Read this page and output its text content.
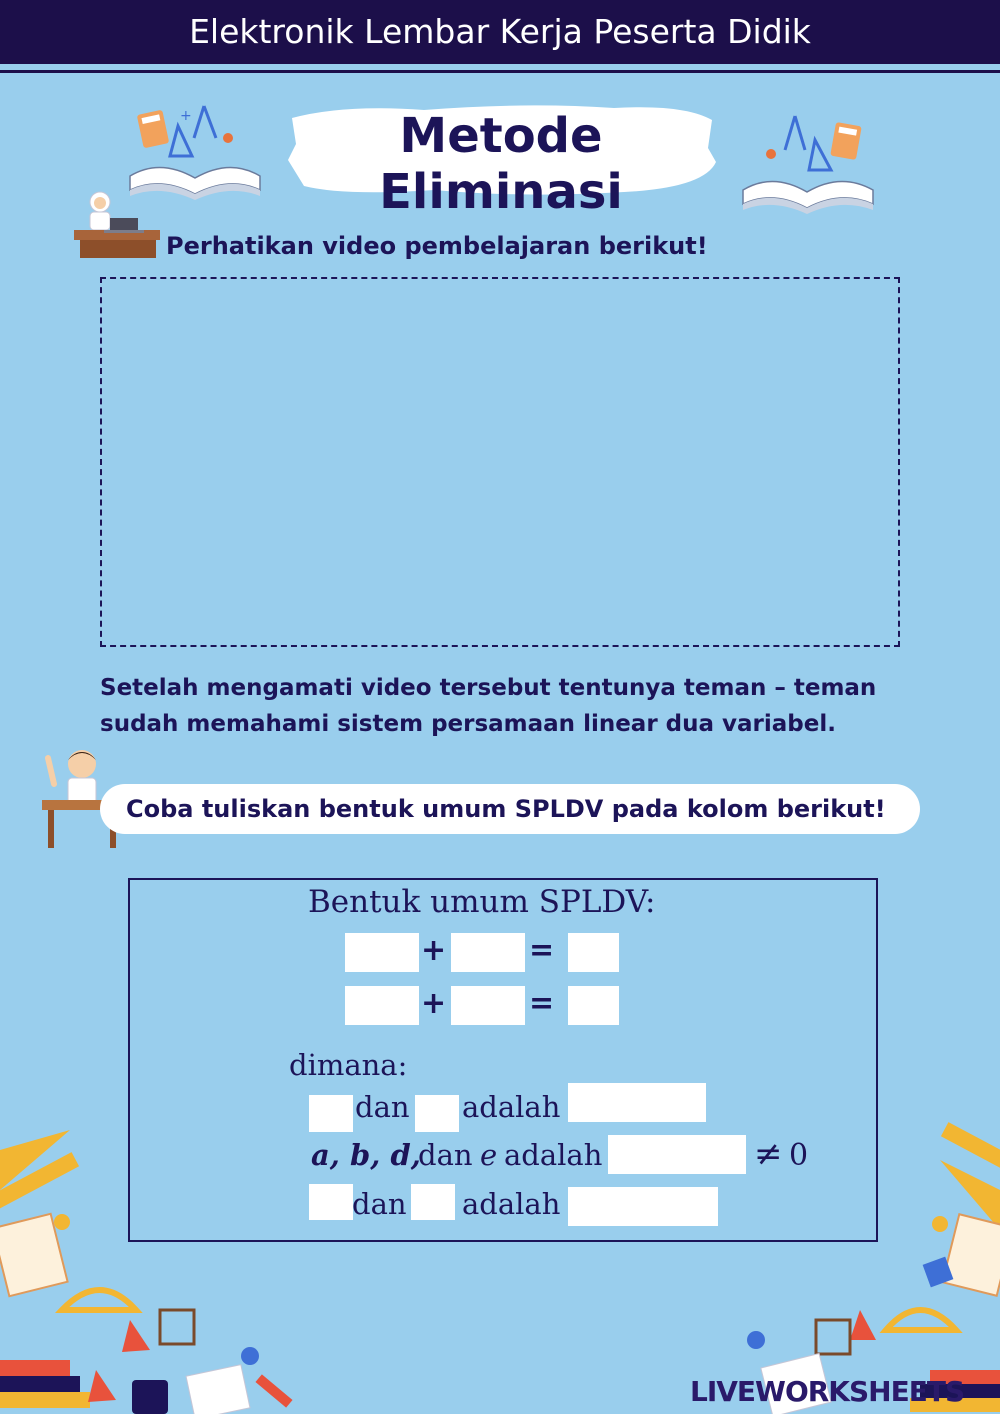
Elektronik Lembar Kerja Peserta Didik
Metode Eliminasi
+
Perhatikan video pembelajaran berikut!
Setelah mengamati video tersebut tentunya teman – teman sudah memahami sistem persamaan linear dua variabel.
Coba tuliskan bentuk umum SPLDV pada kolom berikut!
Bentuk umum SPLDV:
+	=
+	=
dimana:
dan adalah
a, b, d,
dan e adalah	≠ 0
dan adalah
LIVEWORKSHEETS
